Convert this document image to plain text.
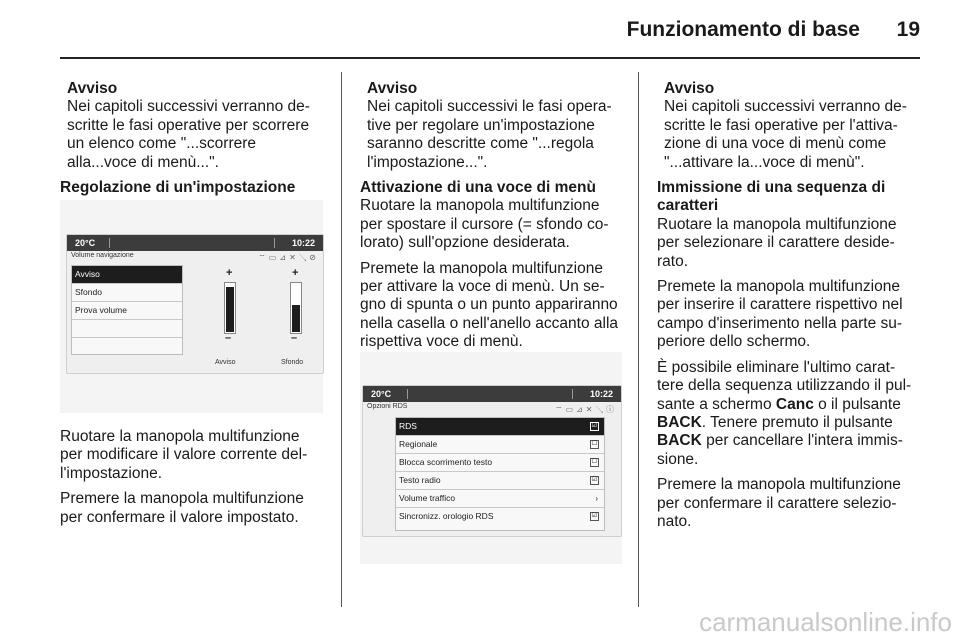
Funzionamento di base 19
Avviso
Nei capitoli successivi verranno de-
scritte le fasi operative per scorrere
un elenco come "...scorrere
alla...voce di menù...".
Regolazione di un'impostazione
20°C	10:22
Volume navigazione	⌔▭⊿✕↘⊘
Avviso
Sfondo
Prova volume
+
–
+
–
Avviso	Sfondo
Ruotare la manopola multifunzione
per modificare il valore corrente del-
l'impostazione.
Premere la manopola multifunzione
per confermare il valore impostato.
Avviso
Nei capitoli successivi le fasi opera-
tive per regolare un'impostazione
saranno descritte come "...regola
l'impostazione...".
Attivazione di una voce di menù
Ruotare la manopola multifunzione
per spostare il cursore (= sfondo co-
lorato) sull'opzione desiderata.
Premete la manopola multifunzione
per attivare la voce di menù. Un se-
gno di spunta o un punto appariranno
nella casella o nell'anello accanto alla
rispettiva voce di menù.
20°C	10:22
Opzioni RDS	⌔▭⊿✕↘ⓘ
RDS	☑
Regionale	☐
Blocca scorrimento testo	☐
Testo radio	☑
Volume traffico	›
Sincronizz. orologio RDS	☑
Avviso
Nei capitoli successivi verranno de-
scritte le fasi operative per l'attiva-
zione di una voce di menù come
"...attivare la...voce di menù".
Immissione di una sequenza di
caratteri
Ruotare la manopola multifunzione
per selezionare il carattere deside-
rato.
Premete la manopola multifunzione
per inserire il carattere rispettivo nel
campo d'inserimento nella parte su-
periore dello schermo.
È possibile eliminare l'ultimo carat-
tere della sequenza utilizzando il pul-
sante a schermo Canc o il pulsante
BACK. Tenere premuto il pulsante
BACK per cancellare l'intera immis-
sione.
Premere la manopola multifunzione
per confermare il carattere selezio-
nato.
carmanualsonline.info
